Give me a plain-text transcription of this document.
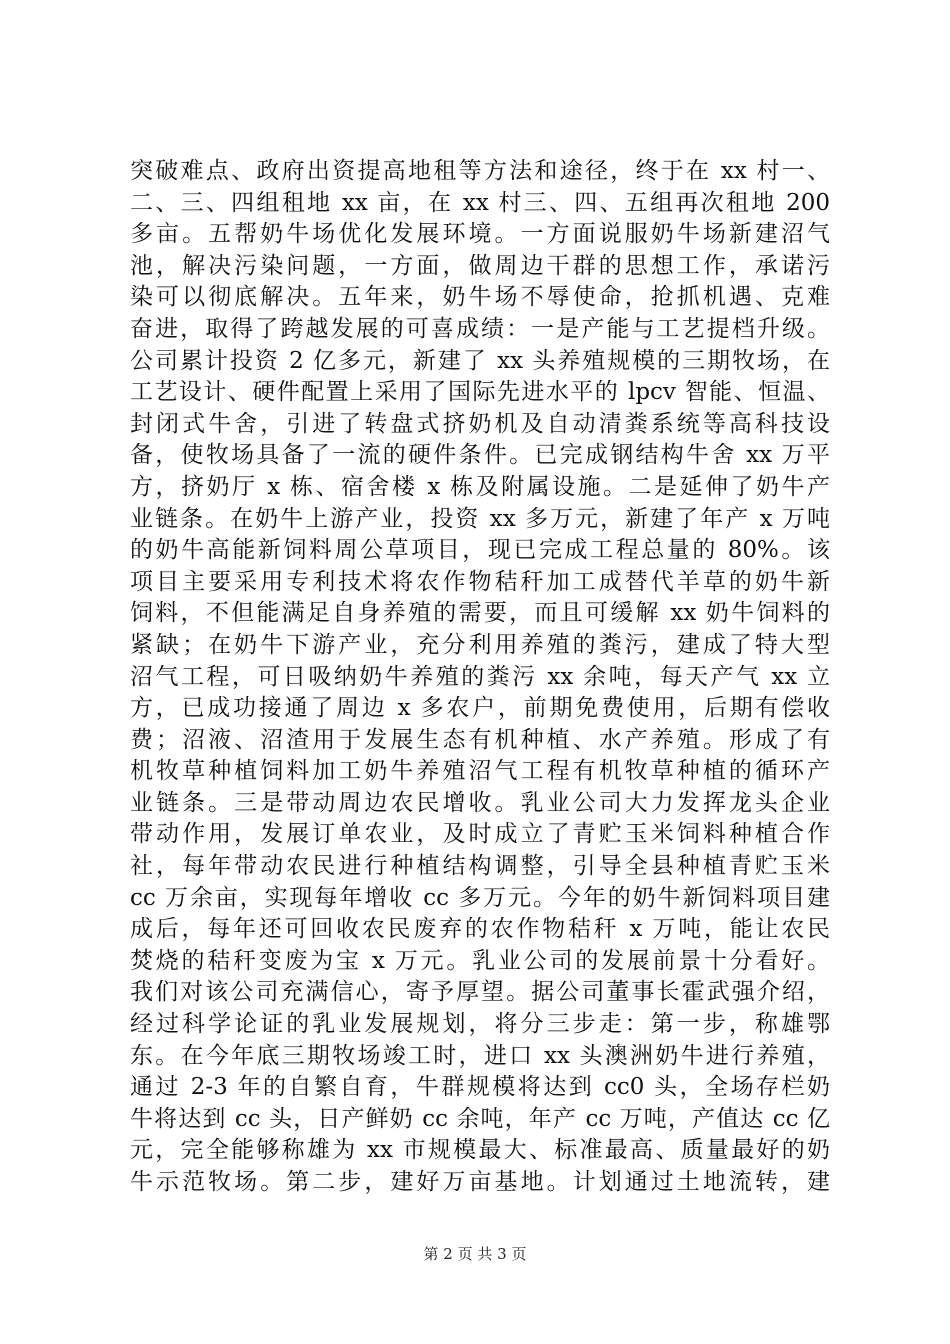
突破难点、政府出资提高地租等方法和途径，终于在 xx 村一、
二、三、四组租地 xx 亩，在 xx 村三、四、五组再次租地 200
多亩。五帮奶牛场优化发展环境。一方面说服奶牛场新建沼气
池，解决污染问题，一方面，做周边干群的思想工作，承诺污
染可以彻底解决。五年来，奶牛场不辱使命，抢抓机遇、克难
奋进，取得了跨越发展的可喜成绩：一是产能与工艺提档升级。
公司累计投资 2 亿多元，新建了 xx 头养殖规模的三期牧场，在
工艺设计、硬件配置上采用了国际先进水平的 lpcv 智能、恒温、
封闭式牛舍，引进了转盘式挤奶机及自动清粪系统等高科技设
备，使牧场具备了一流的硬件条件。已完成钢结构牛舍 xx 万平
方，挤奶厅 x 栋、宿舍楼 x 栋及附属设施。二是延伸了奶牛产
业链条。在奶牛上游产业，投资 xx 多万元，新建了年产 x 万吨
的奶牛高能新饲料周公草项目，现已完成工程总量的 80%。该
项目主要采用专利技术将农作物秸秆加工成替代羊草的奶牛新
饲料，不但能满足自身养殖的需要，而且可缓解 xx 奶牛饲料的
紧缺；在奶牛下游产业，充分利用养殖的粪污，建成了特大型
沼气工程，可日吸纳奶牛养殖的粪污 xx 余吨，每天产气 xx 立
方，已成功接通了周边 x 多农户，前期免费使用，后期有偿收
费；沼液、沼渣用于发展生态有机种植、水产养殖。形成了有
机牧草种植饲料加工奶牛养殖沼气工程有机牧草种植的循环产
业链条。三是带动周边农民增收。乳业公司大力发挥龙头企业
带动作用，发展订单农业，及时成立了青贮玉米饲料种植合作
社，每年带动农民进行种植结构调整，引导全县种植青贮玉米
cc 万余亩，实现每年增收 cc 多万元。今年的奶牛新饲料项目建
成后，每年还可回收农民废弃的农作物秸秆 x 万吨，能让农民
焚烧的秸秆变废为宝 x 万元。乳业公司的发展前景十分看好。
我们对该公司充满信心，寄予厚望。据公司董事长霍武强介绍，
经过科学论证的乳业发展规划，将分三步走：第一步，称雄鄂
东。在今年底三期牧场竣工时，进口 xx 头澳洲奶牛进行养殖，
通过 2-3 年的自繁自育，牛群规模将达到 cc0 头，全场存栏奶
牛将达到 cc 头，日产鲜奶 cc 余吨，年产 cc 万吨，产值达 cc 亿
元，完全能够称雄为 xx 市规模最大、标准最高、质量最好的奶
牛示范牧场。第二步，建好万亩基地。计划通过土地流转，建
第 2 页 共 3 页
